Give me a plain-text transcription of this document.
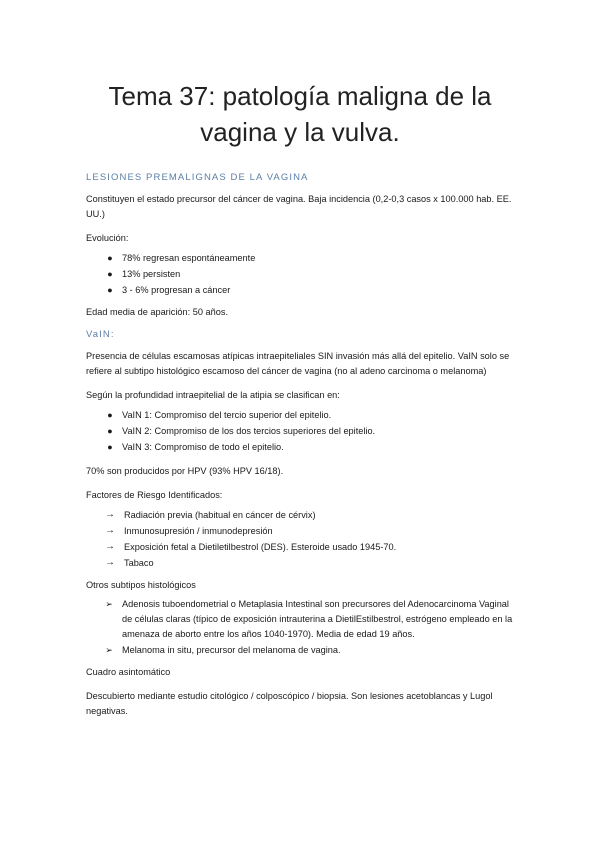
Tema 37: patología maligna de la
vagina y la vulva.

LESIONES PREMALIGNAS DE LA VAGINA

Constituyen el estado precursor del cáncer de vagina. Baja incidencia (0,2-0,3 casos x 100.000 hab. EE. UU.)

Evolución:

●	78% regresan espontáneamente
●	13% persisten
●	3 - 6% progresan a cáncer

Edad media de aparición: 50 años.

VaIN:

Presencia de células escamosas atípicas intraepiteliales SIN invasión más allá del epitelio. VaIN solo se refiere al subtipo histológico escamoso del cáncer de vagina (no al adeno carcinoma o melanoma)

Según la profundidad intraepitelial de la atipia se clasifican en:

●	VaIN 1: Compromiso del tercio superior del epitelio.
●	VaIN 2: Compromiso de los dos tercios superiores del epitelio.
●	VaIN 3: Compromiso de todo el epitelio.

70% son producidos por HPV (93% HPV 16/18).

Factores de Riesgo Identificados:

→ Radiación previa (habitual en cáncer de cérvix)
→ Inmunosupresión / inmunodepresión
→ Exposición fetal a Dietiletilbestrol (DES). Esteroide usado 1945-70.
→ Tabaco

Otros subtipos histológicos

➢	Adenosis tuboendometrial o Metaplasia Intestinal son precursores del Adenocarcinoma Vaginal de células claras (típico de exposición intrauterina a DietilEstilbestrol, estrógeno empleado en la amenaza de aborto entre los años 1040-1970). Media de edad 19 años.
➢	Melanoma in situ, precursor del melanoma de vagina.

Cuadro asintomático

Descubierto mediante estudio citológico / colposcópico / biopsia. Son lesiones acetoblancas y Lugol negativas.
